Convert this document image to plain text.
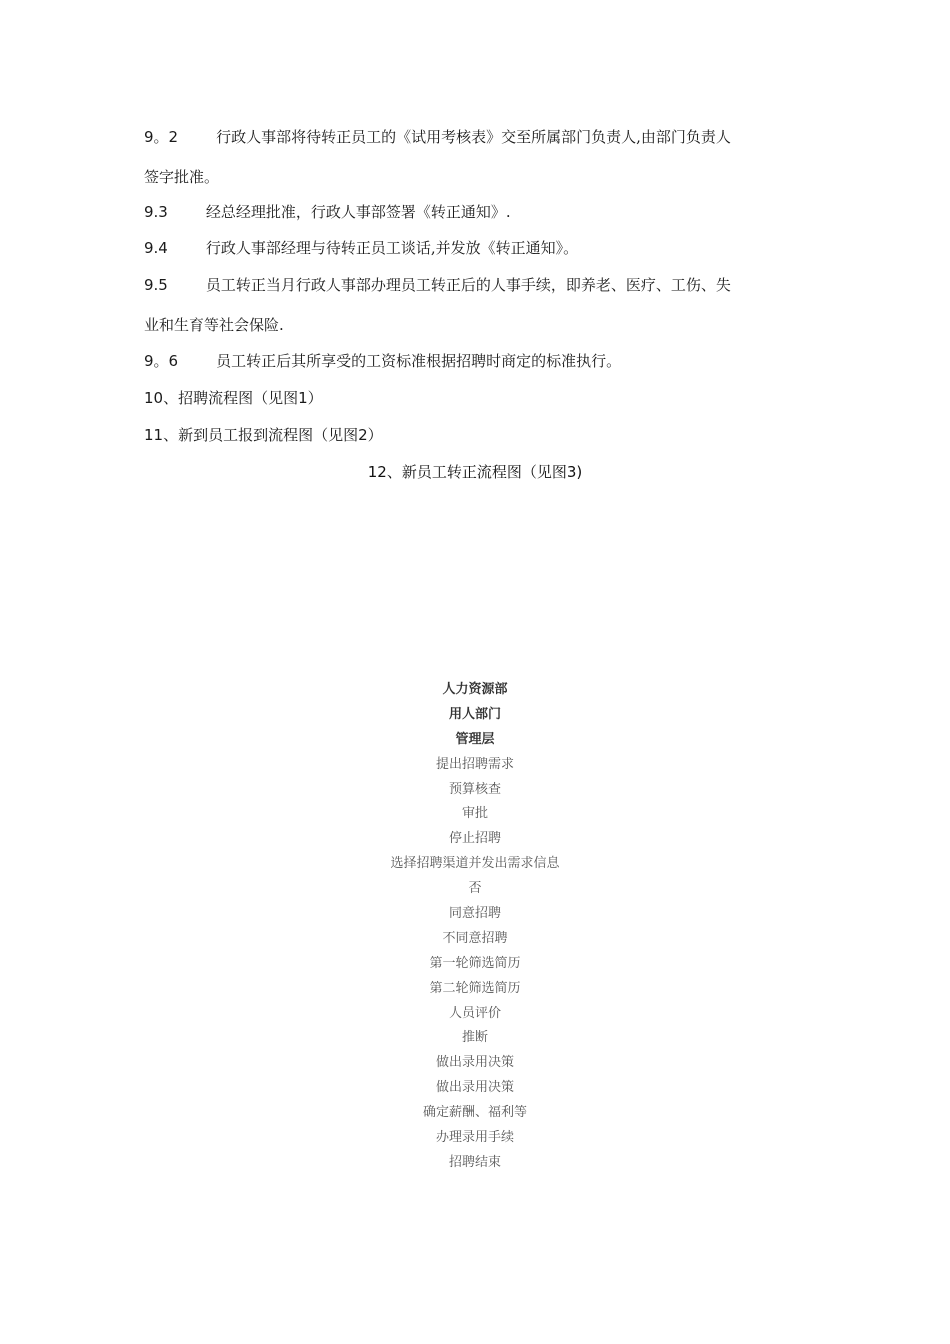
9。2	行政人事部将待转正员工的《试用考核表》交至所属部门负责人,由部门负责人
签字批准。
9.3	经总经理批准，行政人事部签署《转正通知》.
9.4	行政人事部经理与待转正员工谈话,并发放《转正通知》。
9.5	员工转正当月行政人事部办理员工转正后的人事手续，即养老、医疗、工伤、失
业和生育等社会保险.
9。6	员工转正后其所享受的工资标准根据招聘时商定的标准执行。
10、招聘流程图（见图1）
11、新到员工报到流程图（见图2）
12、新员工转正流程图（见图3)
人力资源部
用人部门
管理层
提出招聘需求
预算核查
审批
停止招聘
选择招聘渠道并发出需求信息
否
同意招聘
不同意招聘
第一轮筛选简历
第二轮筛选简历
人员评价
推断
做出录用决策
做出录用决策
确定薪酬、福利等
办理录用手续
招聘结束
